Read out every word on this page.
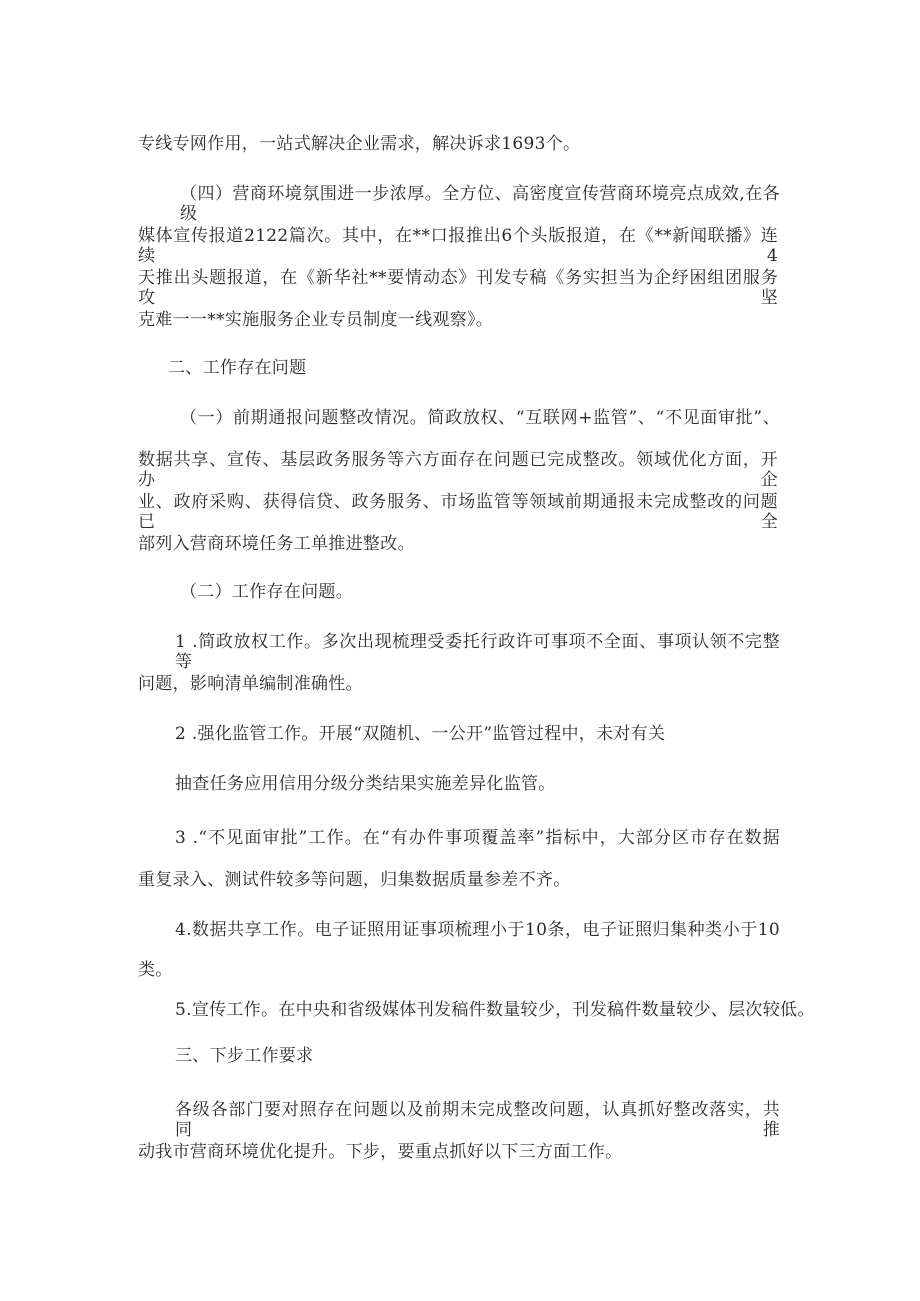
专线专网作用，一站式解决企业需求，解决诉求1693个。

（四）营商环境氛围进一步浓厚。全方位、高密度宣传营商环境亮点成效,在各级

媒体宣传报道2122篇次。其中，在**口报推出6个头版报道，在《**新闻联播》连续4

天推出头题报道，在《新华社**要情动态》刊发专稿《务实担当为企纾困组团服务攻坚

克难一一**实施服务企业专员制度一线观察》。

二、工作存在问题

（一）前期通报问题整改情况。简政放权、“互联网+监管”、“不见面审批”、

数据共享、宣传、基层政务服务等六方面存在问题已完成整改。领域优化方面，开办企

业、政府采购、获得信贷、政务服务、市场监管等领域前期通报未完成整改的问题已全

部列入营商环境任务工单推进整改。

（二）工作存在问题。

1 .简政放权工作。多次出现梳理受委托行政许可事项不全面、事项认领不完整等

问题，影响清单编制准确性。

2 .强化监管工作。开展“双随机、一公开”监管过程中，未对有关

抽查任务应用信用分级分类结果实施差异化监管。

3 .“不见面审批”工作。在“有办件事项覆盖率”指标中，大部分区市存在数据

重复录入、测试件较多等问题，归集数据质量参差不齐。

4.数据共享工作。电子证照用证事项梳理小于10条，电子证照归集种类小于10

类。

5.宣传工作。在中央和省级媒体刊发稿件数量较少，刊发稿件数量较少、层次较低。

三、下步工作要求

各级各部门要对照存在问题以及前期未完成整改问题，认真抓好整改落实，共同推

动我市营商环境优化提升。下步，要重点抓好以下三方面工作。
